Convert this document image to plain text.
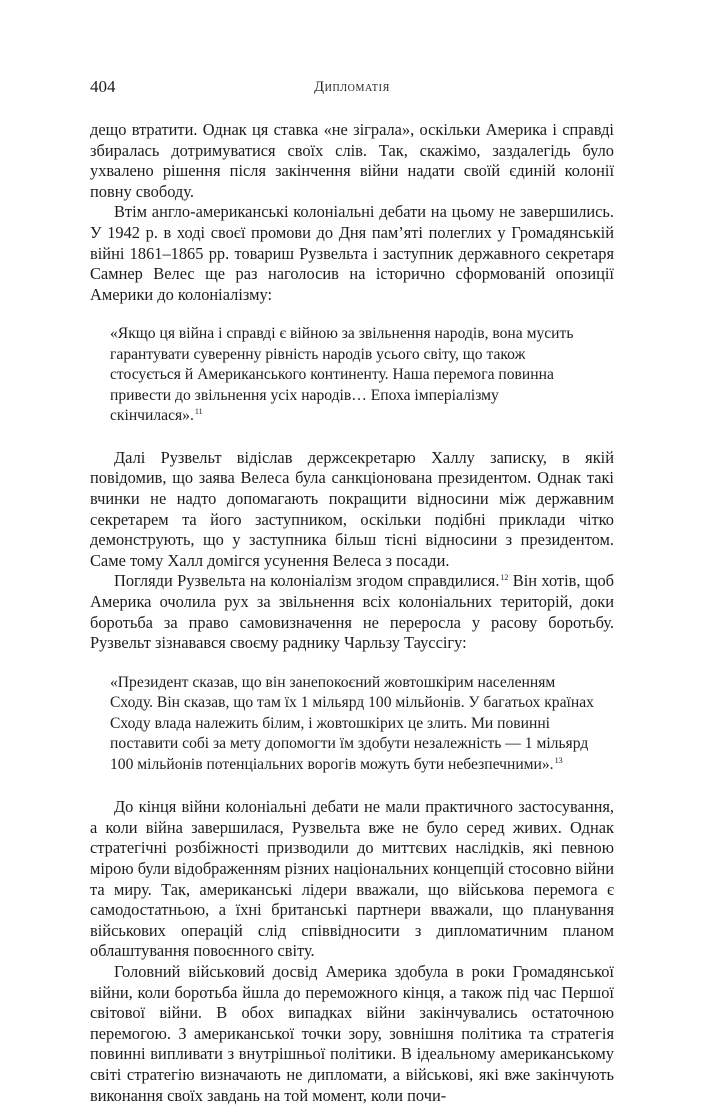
404	Дипломатія

дещо втратити. Однак ця ставка «не зіграла», оскільки Америка і справді збиралась дотримуватися своїх слів. Так, скажімо, заздалегідь було ухвалено рішення після закінчення війни надати своїй єдиній колонії повну свободу.

Втім англо-американські колоніальні дебати на цьому не завершились. У 1942 р. в ході своєї промови до Дня пам’яті полеглих у Громадянській війні 1861–1865 рр. товариш Рузвельта і заступник державного секретаря Самнер Велес ще раз наголосив на історично сформованій опозиції Америки до колоніалізму:

«Якщо ця війна і справді є війною за звільнення народів, вона мусить гарантувати суверенну рівність народів усього світу, що також стосується й Американського континенту. Наша перемога повинна привести до звільнення усіх народів… Епоха імперіалізму скінчилася».$^{11}$

Далі Рузвельт відіслав держсекретарю Халлу записку, в якій повідомив, що заява Велеса була санкціонована президентом. Однак такі вчинки не надто допомагають покращити відносини між державним секретарем та його заступником, оскільки подібні приклади чітко демонструють, що у заступника більш тісні відносини з президентом. Саме тому Халл домігся усунення Велеса з посади.

Погляди Рузвельта на колоніалізм згодом справдилися.$^{12}$ Він хотів, щоб Америка очолила рух за звільнення всіх колоніальних територій, доки боротьба за право самовизначення не переросла у расову боротьбу. Рузвельт зізнавався своєму раднику Чарльзу Тауссігу:

«Президент сказав, що він занепокоєний жовтошкірим населенням Сходу. Він сказав, що там їх 1 мільярд 100 мільйонів. У багатьох країнах Сходу влада належить білим, і жовтошкірих це злить. Ми повинні поставити собі за мету допомогти їм здобути незалежність — 1 мільярд 100 мільйонів потенціальних ворогів можуть бути небезпечними».$^{13}$

До кінця війни колоніальні дебати не мали практичного застосування, а коли війна завершилася, Рузвельта вже не було серед живих. Однак стратегічні розбіжності призводили до миттєвих наслідків, які певною мірою були відображенням різних національних концепцій стосовно війни та миру. Так, американські лідери вважали, що військова перемога є самодостатньою, а їхні британські партнери вважали, що планування військових операцій слід співвідносити з дипломатичним планом облаштування повоєнного світу.

Головний військовий досвід Америка здобула в роки Громадянської війни, коли боротьба йшла до переможного кінця, а також під час Першої світової війни. В обох випадках війни закінчувались остаточною перемогою. З американської точки зору, зовнішня політика та стратегія повинні випливати з внутрішньої політики. В ідеальному американському світі стратегію визначають не дипломати, а військові, які вже закінчують виконання своїх завдань на той момент, коли почи-
